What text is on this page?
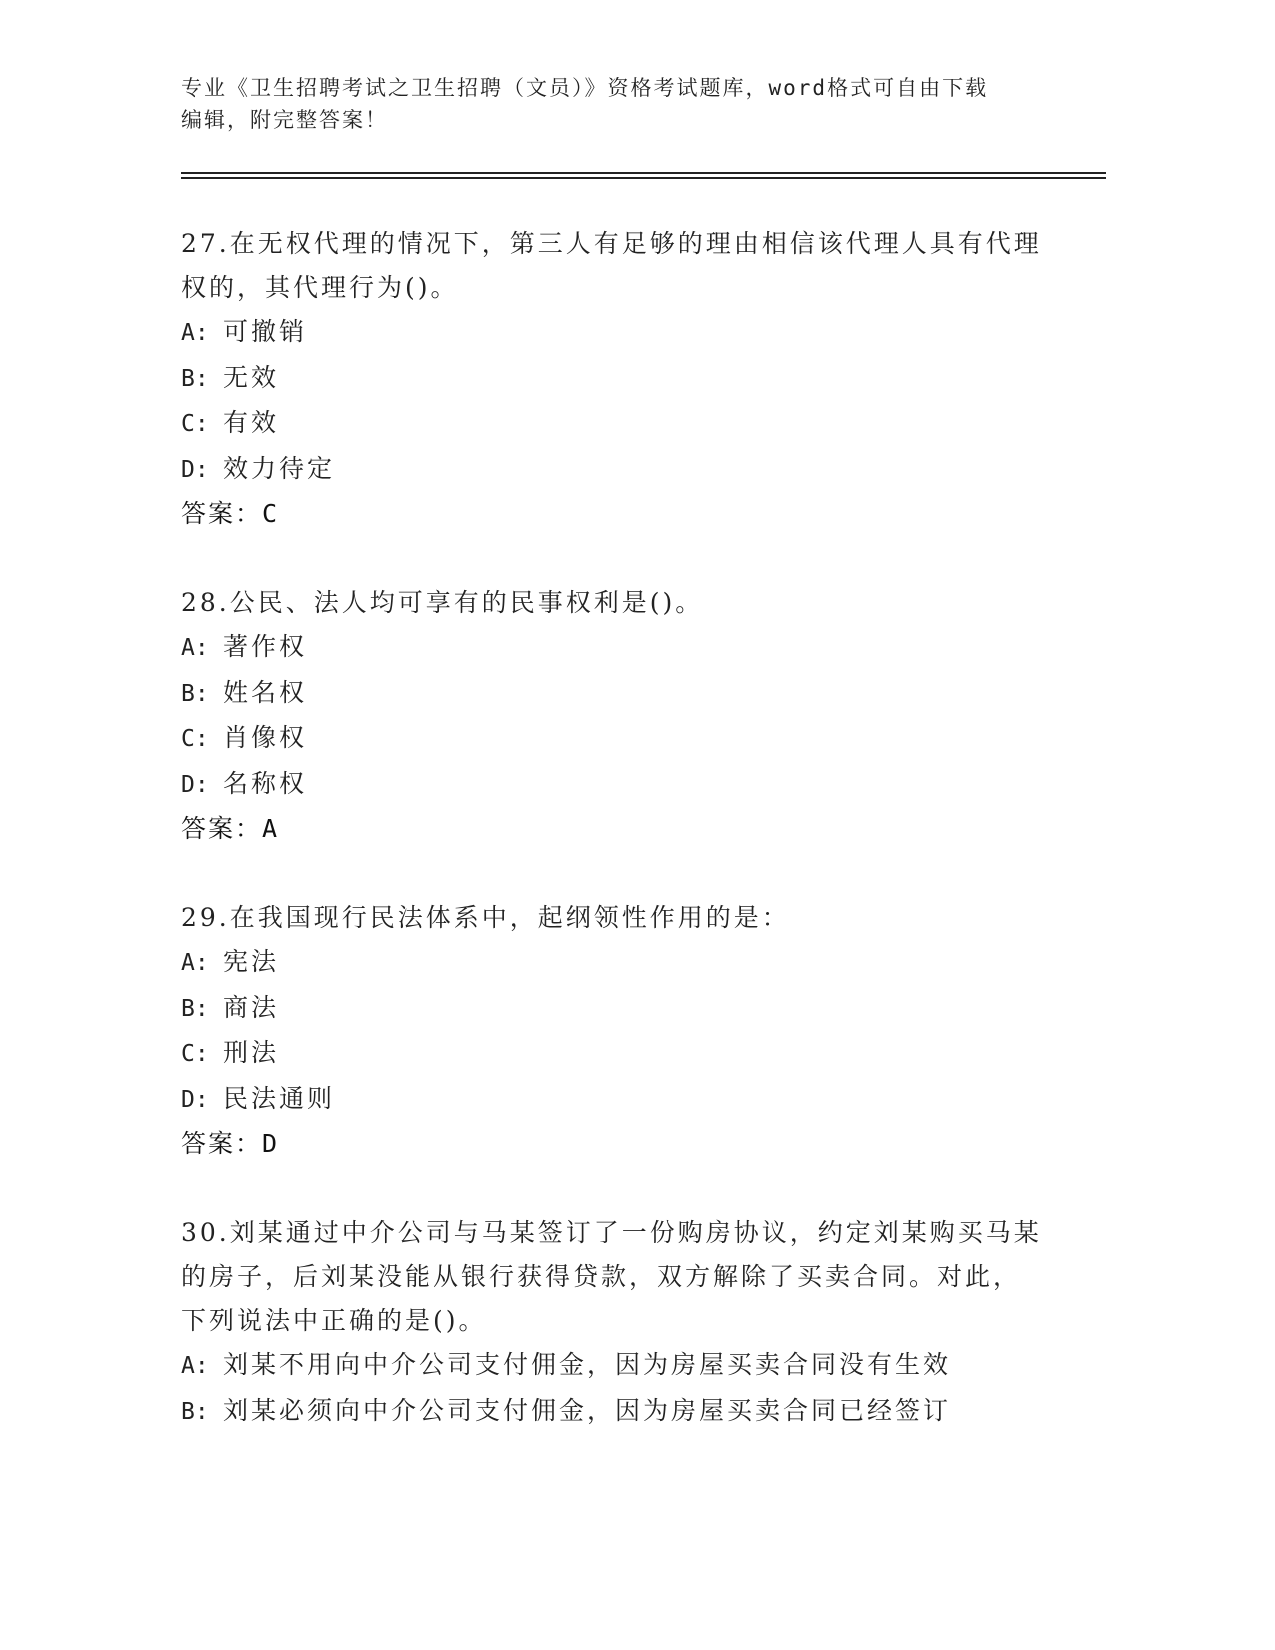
专业《卫生招聘考试之卫生招聘（文员）》资格考试题库，word格式可自由下载
编辑，附完整答案！
27.在无权代理的情况下，第三人有足够的理由相信该代理人具有代理
权的，其代理行为()。
A: 可撤销
B: 无效
C: 有效
D: 效力待定
答案：C
28.公民、法人均可享有的民事权利是()。
A: 著作权
B: 姓名权
C: 肖像权
D: 名称权
答案：A
29.在我国现行民法体系中，起纲领性作用的是：
A: 宪法
B: 商法
C: 刑法
D: 民法通则
答案：D
30.刘某通过中介公司与马某签订了一份购房协议，约定刘某购买马某
的房子，后刘某没能从银行获得贷款，双方解除了买卖合同。对此，
下列说法中正确的是()。
A: 刘某不用向中介公司支付佣金，因为房屋买卖合同没有生效
B: 刘某必须向中介公司支付佣金，因为房屋买卖合同已经签订
